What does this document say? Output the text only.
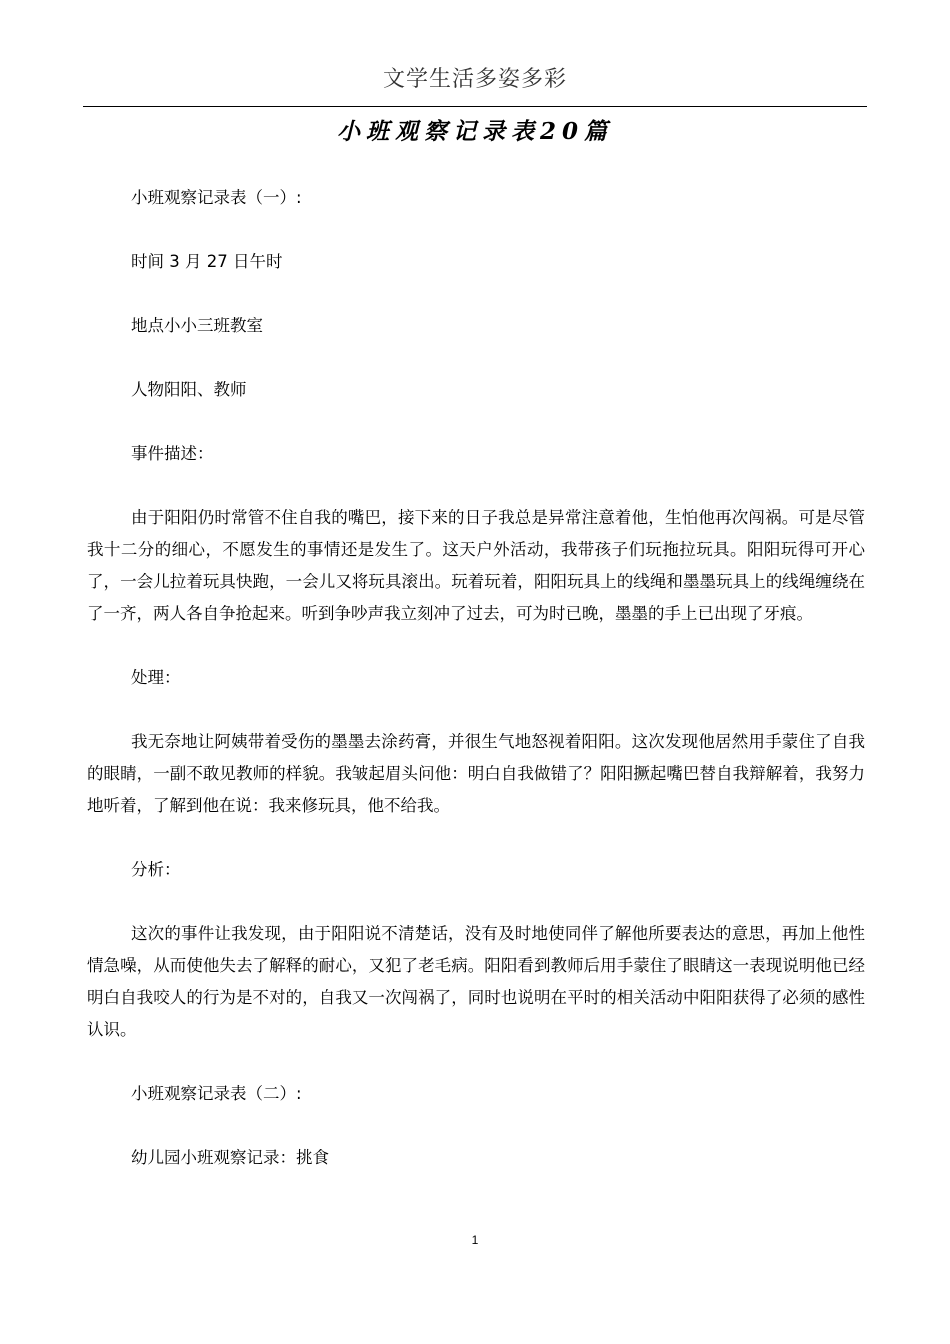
文学生活多姿多彩
小班观察记录表20篇

小班观察记录表（一）:

时间 3 月 27 日午时

地点小小三班教室

人物阳阳、教师

事件描述：

由于阳阳仍时常管不住自我的嘴巴，接下来的日子我总是异常注意着他，生怕他再次闯祸。可是尽管我十二分的细心，不愿发生的事情还是发生了。这天户外活动，我带孩子们玩拖拉玩具。阳阳玩得可开心了，一会儿拉着玩具快跑，一会儿又将玩具滚出。玩着玩着，阳阳玩具上的线绳和墨墨玩具上的线绳缠绕在了一齐，两人各自争抢起来。听到争吵声我立刻冲了过去，可为时已晚，墨墨的手上已出现了牙痕。

处理：

我无奈地让阿姨带着受伤的墨墨去涂药膏，并很生气地怒视着阳阳。这次发现他居然用手蒙住了自我的眼睛，一副不敢见教师的样貌。我皱起眉头问他：明白自我做错了？阳阳撅起嘴巴替自我辩解着，我努力地听着，了解到他在说：我来修玩具，他不给我。

分析：

这次的事件让我发现，由于阳阳说不清楚话，没有及时地使同伴了解他所要表达的意思，再加上他性情急噪，从而使他失去了解释的耐心，又犯了老毛病。阳阳看到教师后用手蒙住了眼睛这一表现说明他已经明白自我咬人的行为是不对的，自我又一次闯祸了，同时也说明在平时的相关活动中阳阳获得了必须的感性认识。

小班观察记录表（二）:

幼儿园小班观察记录：挑食

1
